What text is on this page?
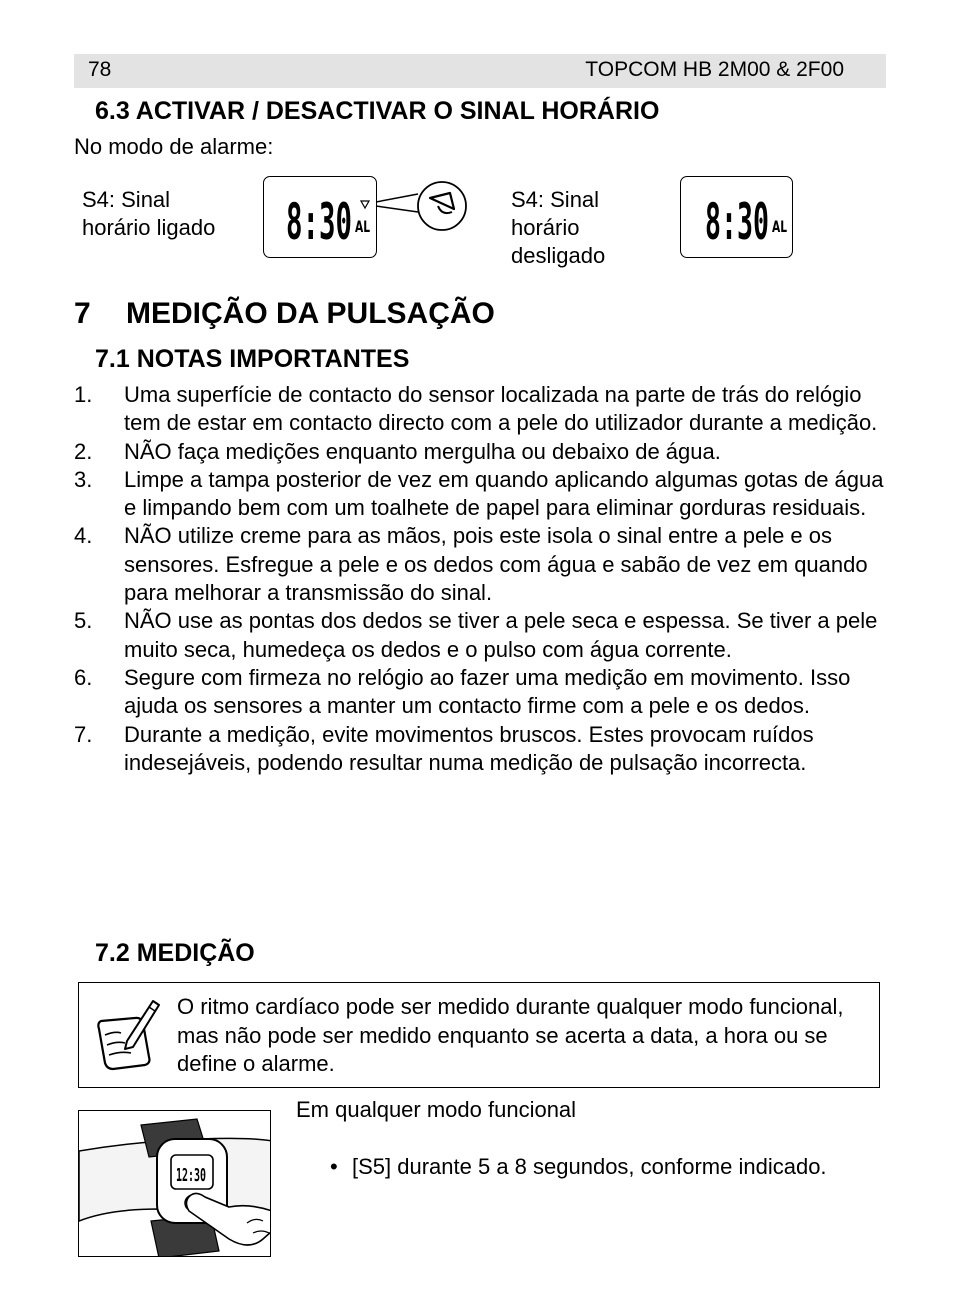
78	TOPCOM HB 2M00 & 2F00
6.3 ACTIVAR / DESACTIVAR O SINAL HORÁRIO
No modo de alarme:
S4: Sinal
horário ligado 8:30 AL
S4: Sinal
horário
desligado
8:30 AL
7 MEDIÇÃO DA PULSAÇÃO
7.1 NOTAS IMPORTANTES
1. Uma superfície de contacto do sensor localizada na parte de trás do relógio tem de estar em contacto directo com a pele do utilizador durante a medição.
2. NÃO faça medições enquanto mergulha ou debaixo de água.
3. Limpe a tampa posterior de vez em quando aplicando algumas gotas de água e limpando bem com um toalhete de papel para eliminar gorduras residuais.
4. NÃO utilize creme para as mãos, pois este isola o sinal entre a pele e os sensores. Esfregue a pele e os dedos com água e sabão de vez em quando para melhorar a transmissão do sinal.
5. NÃO use as pontas dos dedos se tiver a pele seca e espessa. Se tiver a pele muito seca, humedeça os dedos e o pulso com água corrente.
6. Segure com firmeza no relógio ao fazer uma medição em movimento. Isso ajuda os sensores a manter um contacto firme com a pele e os dedos.
7. Durante a medição, evite movimentos bruscos. Estes provocam ruídos indesejáveis, podendo resultar numa medição de pulsação incorrecta.
7.2 MEDIÇÃO
O ritmo cardíaco pode ser medido durante qualquer modo funcional, mas não pode ser medido enquanto se acerta a data, a hora ou se define o alarme.
12:30
Em qualquer modo funcional
• [S5] durante 5 a 8 segundos, conforme indicado.
